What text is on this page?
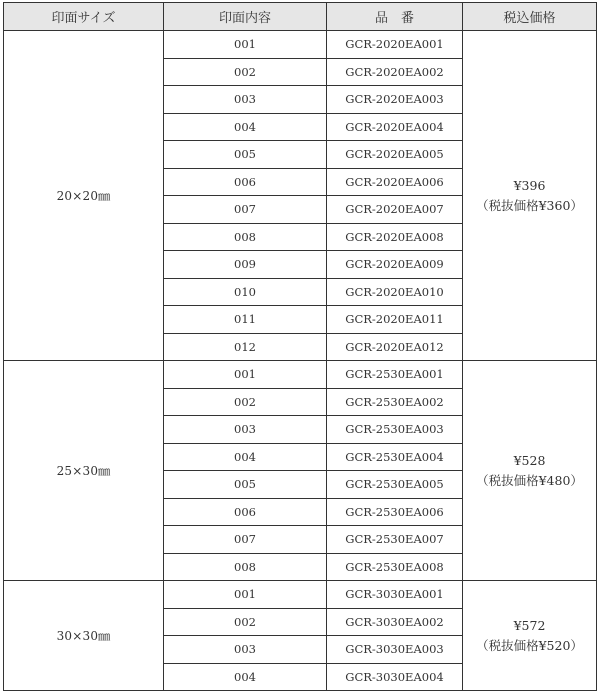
印面サイズ	印面内容	品　番	税込価格
20×20㎜	001	GCR-2020EA001	¥396
（税抜価格¥360）

	002	GCR-2020EA002	
	003	GCR-2020EA003	
	004	GCR-2020EA004	
	005	GCR-2020EA005	
	006	GCR-2020EA006	
	007	GCR-2020EA007	
	008	GCR-2020EA008	
	009	GCR-2020EA009	
	010	GCR-2020EA010	
	011	GCR-2020EA011	
	012	GCR-2020EA012	
25×30㎜	001	GCR-2530EA001	¥528
（税抜価格¥480）

	002	GCR-2530EA002	
	003	GCR-2530EA003	
	004	GCR-2530EA004	
	005	GCR-2530EA005	
	006	GCR-2530EA006	
	007	GCR-2530EA007	
	008	GCR-2530EA008	
30×30㎜	001	GCR-3030EA001	¥572
（税抜価格¥520）

	002	GCR-3030EA002	
	003	GCR-3030EA003	
	004	GCR-3030EA004	
